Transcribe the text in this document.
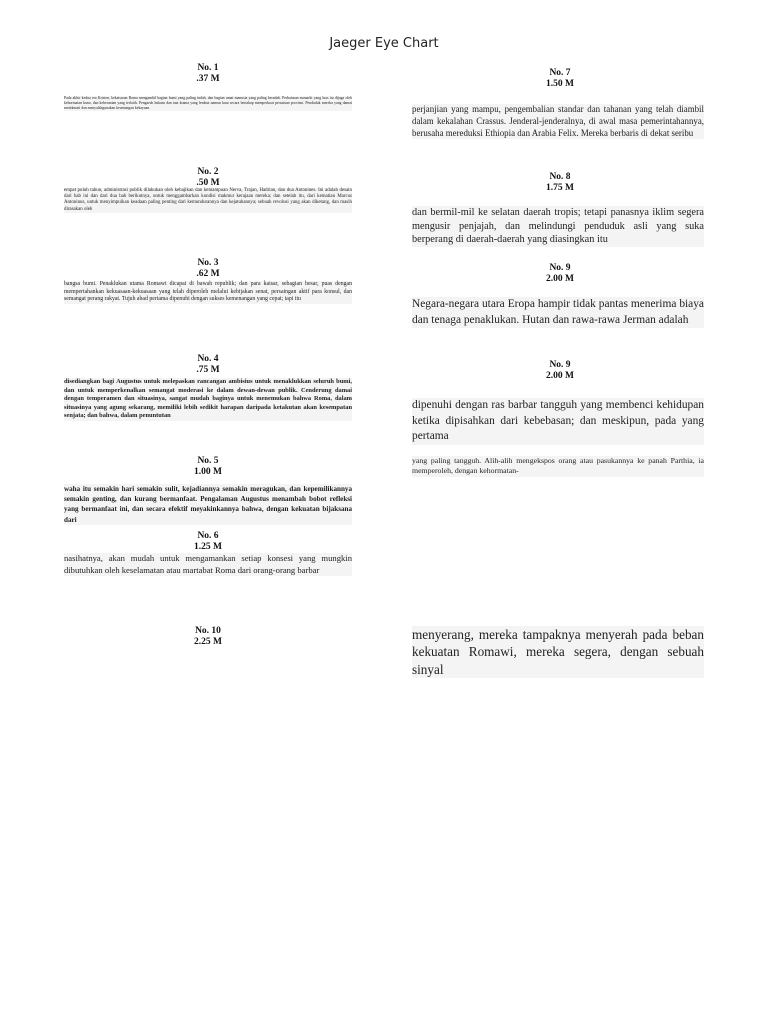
Jaeger Eye Chart
No. 1
.37 M
Pada akhir kedua era Kristen, kekaisaran Roma mengambil bagian bumi yang paling indah, dan bagian umat manusia yang paling beradab. Perbatasan monarki yang luas itu dijaga oleh kehormatan kuno, dan keberanian yang terlatih. Pengaruh hukum dan tata krama yang lembut namun kuat secara bertahap memperkuat persatuan provinsi. Penduduk mereka yang damai menikmati dan menyalahgunakan keuntungan kekayaan.
No. 2
.50 M
empat puluh tahun, administrasi publik dilakukan oleh kebajikan dan kemampuan Nerva, Trajan, Hadrian, dan dua Antonines. Ini adalah desain dari bab ini dan dari dua bab berikutnya, untuk menggambarkan kondisi makmur kerajaan mereka; dan setelah itu, dari kematian Marcus Antoninus, untuk menyimpulkan keadaan paling penting dari kemundurannya dan kejatuhannya; sebuah revolusi yang akan diketang, dan masih dirasakan oleh
No. 3
.62 M
bangsa bumi. Penaklukan utama Romawi dicapai di bawah republik; dan para kaisar, sebagian besar, puas dengan mempertahankan kekuasaan-kekuasaan yang telah diperoleh melalui kebijakan senat, persaingan aktif para konsul, dan semangat perang rakyat. Tujuh abad pertama dipenuhi dengan sukses kemenangan yang cepat; tapi itu
No. 4
.75 M
disediangkan bagi Augustus untuk melepaskan rancangan ambisius untuk menaklukkan seluruh bumi, dan untuk memperkenalkan semangat moderasi ke dalam dewan-dewan publik. Cenderung damai dengan temperamen dan situasinya, sangat mudah baginya untuk menemukan bahwa Roma, dalam situasinya yang agung sekarang, memiliki lebih sedikit harapan daripada ketakutan akan kesempatan senjata; dan bahwa, dalam penuntutan
No. 5
1.00 M
waha itu semakin hari semakin sulit, kejadiannya semakin meragukan, dan kepemilikannya semakin genting, dan kurang bermanfaat. Pengalaman Augustus menambah bobot refleksi yang bermanfaat ini, dan secara efektif meyakinkannya bahwa, dengan kekuatan bijaksana dari
No. 6
1.25 M
nasihatnya, akan mudah untuk mengamankan setiap konsesi yang mungkin dibutuhkan oleh keselamatan atau martabat Roma dari orang-orang barbar
No. 10
2.25 M
No. 7
1.50 M
perjanjian yang mampu, pengembalian standar dan tahanan yang telah diambil dalam kekalahan Crassus. Jenderal-jenderalnya, di awal masa pemerintahannya, berusaha mereduksi Ethiopia dan Arabia Felix. Mereka berbaris di dekat seribu
No. 8
1.75 M
dan bermil-mil ke selatan daerah tropis; tetapi panasnya iklim segera mengusir penjajah, dan melindungi penduduk asli yang suka berperang di daerah-daerah yang diasingkan itu
No. 9
2.00 M
Negara-negara utara Eropa hampir tidak pantas menerima biaya dan tenaga penaklukan. Hutan dan rawa-rawa Jerman adalah
No. 9
2.00 M
dipenuhi dengan ras barbar tangguh yang membenci kehidupan ketika dipisahkan dari kebebasan; dan meskipun, pada yang pertama
yang paling tangguh. Alih-alih mengekspos orang atau pasukannya ke panah Parthia, ia memperoleh, dengan kehormatan-
menyerang, mereka tampaknya menyerah pada beban kekuatan Romawi, mereka segera, dengan sebuah sinyal
